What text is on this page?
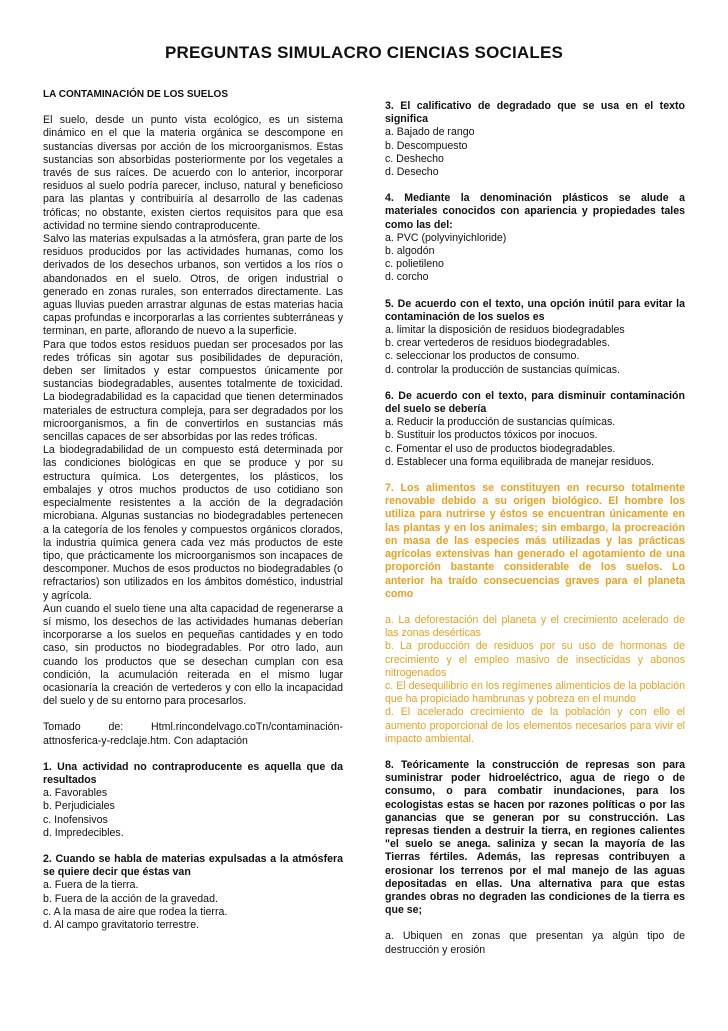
PREGUNTAS SIMULACRO CIENCIAS SOCIALES
LA CONTAMINACIÓN DE LOS SUELOS

El suelo, desde un punto vista ecológico, es un sistema dinámico en el que la materia orgánica se descompone en sustancias diversas por acción de los microorganismos. Estas sustancias son absorbidas posteriormente por los vegetales a través de sus raíces. De acuerdo con lo anterior, incorporar residuos al suelo podría parecer, incluso, natural y beneficioso para las plantas y contribuiría al desarrollo de las cadenas tróficas; no obstante, existen ciertos requisitos para que esa actividad no termine siendo contraproducente.

Salvo las materias expulsadas a la atmósfera, gran parte de los residuos producidos por las actividades humanas, como los derivados de los desechos urbanos, son vertidos a los ríos o abandonados en el suelo. Otros, de origen industrial o generado en zonas rurales, son enterrados directamente. Las aguas lluvias pueden arrastrar algunas de estas materias hacia capas profundas e incorporarlas a las corrientes subterráneas y terminan, en parte, aflorando de nuevo a la superficie.

Para que todos estos residuos puedan ser procesados por las redes tróficas sin agotar sus posibilidades de depuración, deben ser limitados y estar compuestos únicamente por sustancias biodegradables, ausentes totalmente de toxicidad. La biodegradabilidad es la capacidad que tienen determinados materiales de estructura compleja, para ser degradados por los microorganismos, a fin de convertirlos en sustancias más sencillas capaces de ser absorbidas por las redes tróficas.

La biodegradabilidad de un compuesto está determinada por las condiciones biológicas en que se produce y por su estructura química. Los detergentes, los plásticos, los embalajes y otros muchos productos de uso cotidiano son especialmente resistentes a la acción de la degradación microbiana. Algunas sustancias no biodegradables pertenecen a la categoría de los fenoles y compuestos orgánicos clorados, la industria química genera cada vez más productos de este tipo, que prácticamente los microorganismos son incapaces de descomponer. Muchos de esos productos no biodegradables (o refractarios) son utilizados en los ámbitos doméstico, industrial y agrícola.

Aun cuando el suelo tiene una alta capacidad de regenerarse a sí mismo, los desechos de las actividades humanas deberían incorporarse a los suelos en pequeñas cantidades y en todo caso, sin productos no biodegradables. Por otro lado, aun cuando los productos que se desechan cumplan con esa condición, la acumulación reiterada en el mismo lugar ocasionaría la creación de vertederos y con ello la incapacidad del suelo y de su entorno para procesarlos.

Tomado de: Html.rincondelvago.coTn/contaminación-attnosferica-y-redclaje.htm. Con adaptación
1. Una actividad no contraproducente es aquella que da resultados
a. Favorables
b. Perjudiciales
c. Inofensivos
d. Impredecibles.
2. Cuando se habla de materias expulsadas a la atmósfera se quiere decir que éstas van
a. Fuera de la tierra.
b. Fuera de la acción de la gravedad.
c. A la masa de aire que rodea la tierra.
d. Al campo gravitatorio terrestre.
3. El calificativo de degradado que se usa en el texto significa
a. Bajado de rango
b. Descompuesto
c. Deshecho
d. Desecho
4. Mediante la denominación plásticos se alude a materiales conocidos con apariencia y propiedades tales como las del:
a. PVC (polyvinyichloride)
b. algodón
c. polietileno
d. corcho
5. De acuerdo con el texto, una opción inútil para evitar la contaminación de los suelos es
a. limitar la disposición de residuos biodegradables
b. crear vertederos de residuos biodegradables.
c. seleccionar los productos de consumo.
d. controlar la producción de sustancias químicas.
6. De acuerdo con el texto, para disminuir contaminación del suelo se debería
a. Reducir la producción de sustancias químicas.
b. Sustituir los productos tóxicos por inocuos.
c. Fomentar el uso de productos biodegradables.
d. Establecer una forma equilibrada de manejar residuos.
7. Los alimentos se constituyen en recurso totalmente renovable debido a su origen biológico. El hombre los utiliza para nutrirse y éstos se encuentran únicamente en las plantas y en los animales; sin embargo, la procreación en masa de las especies más utilizadas y las prácticas agrícolas extensivas han generado el agotamiento de una proporción bastante considerable de los suelos. Lo anterior ha traído consecuencias graves para el planeta como
a. La deforestación del planeta y el crecimiento acelerado de las zonas desérticas
b. La producción de residuos por su uso de hormonas de crecimiento y el empleo masivo de insecticidas y abonos nitrogenados
c. El desequilibrio en los regímenes alimenticios de la población que ha propiciado hambrunas y pobreza en el mundo
d. El acelerado crecimiento de la población y con ello el aumento proporcional de los elementos necesarios para vivir el impacto ambiental.
8. Teóricamente la construcción de represas son para suministrar poder hidroeléctrico, agua de riego o de consumo, o para combatir inundaciones, para los ecologistas estas se hacen por razones políticas o por las ganancias que se generan por su construcción. Las represas tienden a destruir la tierra, en regiones calientes "el suelo se anega. saliniza y secan la mayoría de las Tierras fértiles. Además, las represas contribuyen a erosionar los terrenos por el mal manejo de las aguas depositadas en ellas. Una alternativa para que estas grandes obras no degraden las condiciones de la tierra es que se;
a. Ubiquen en zonas que presentan ya algún tipo de destrucción y erosión
